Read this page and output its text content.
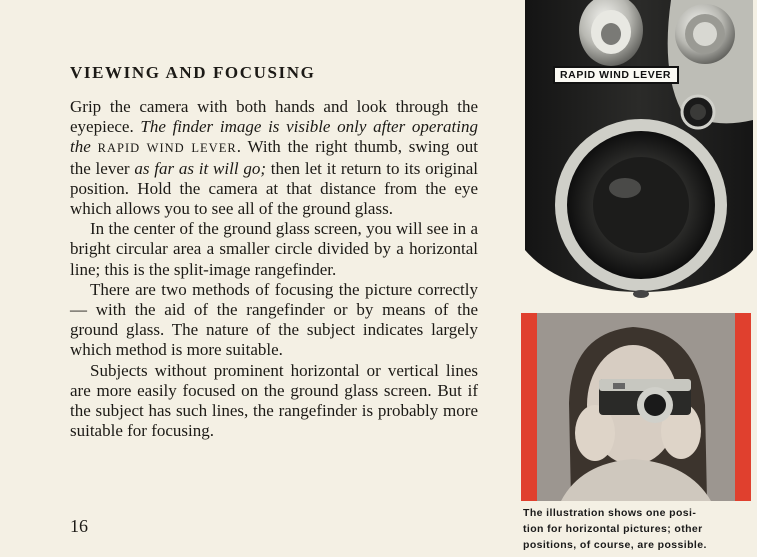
VIEWING AND FOCUSING

Grip the camera with both hands and look through the eyepiece. The finder image is visible only after operating the RAPID WIND LEVER. With the right thumb, swing out the lever as far as it will go; then let it return to its original position. Hold the camera at that distance from the eye which allows you to see all of the ground glass.

In the center of the ground glass screen, you will see in a bright circular area a smaller circle divided by a horizontal line; this is the split-image rangefinder.

There are two methods of focusing the picture correctly — with the aid of the rangefinder or by means of the ground glass. The nature of the subject indicates largely which method is more suitable.

Subjects without prominent horizontal or vertical lines are more easily focused on the ground glass screen. But if the subject has such lines, the rangefinder is probably more suitable for focusing.

16
RAPID WIND LEVER
The illustration shows one posi-
tion for horizontal pictures; other
positions, of course, are possible.
